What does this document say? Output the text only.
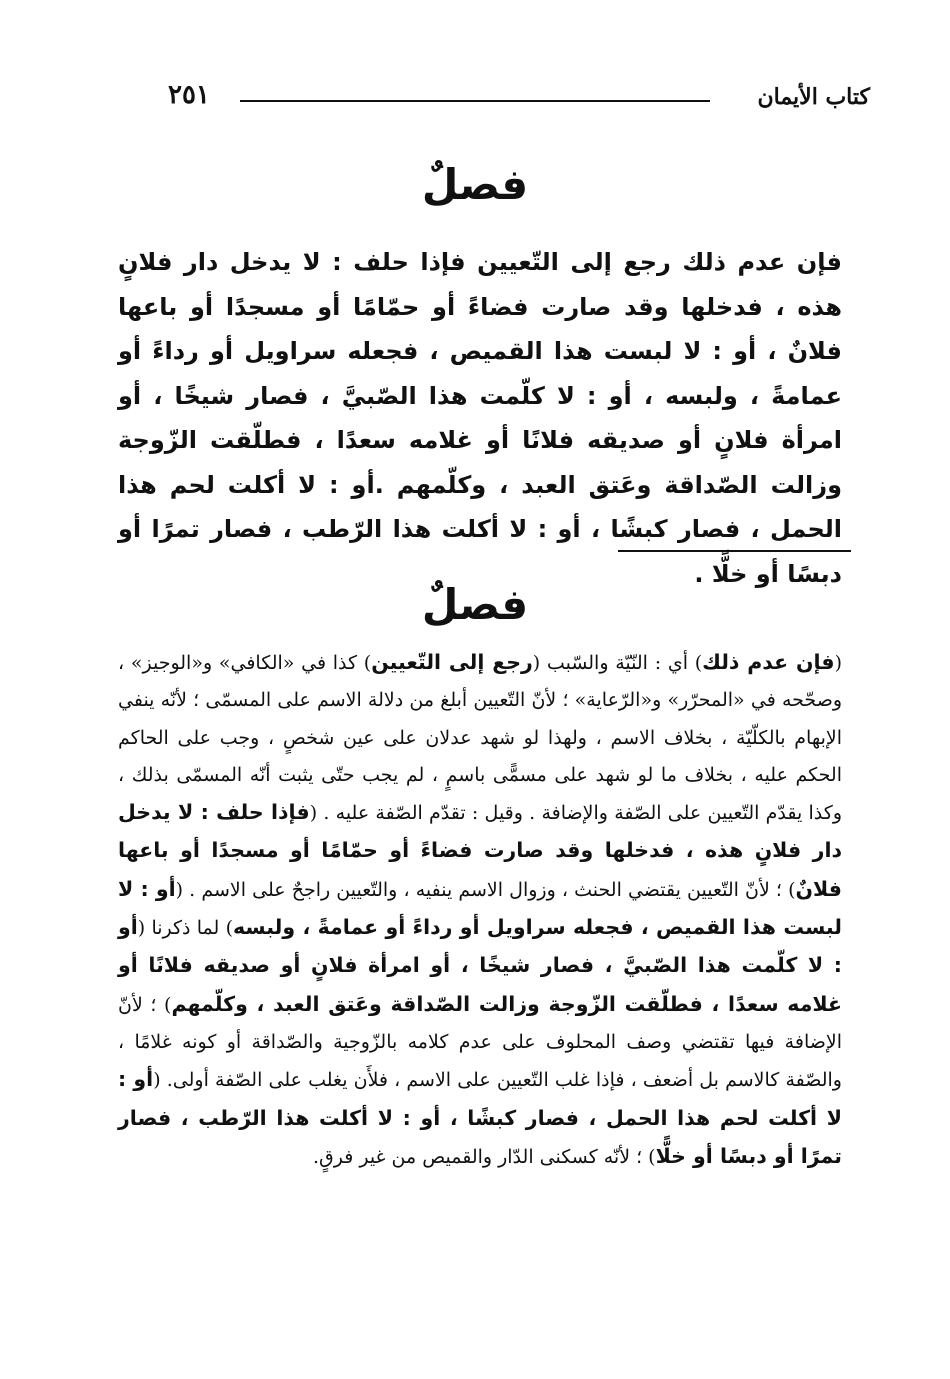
كتاب الأيمان
٢٥١
فصلٌ
فإن عدم ذلك رجع إلى التّعيين فإذا حلف : لا يدخل دار فلانٍ هذه ، فدخلها وقد صارت فضاءً أو حمّامًا أو مسجدًا أو باعها فلانٌ ، أو : لا لبست هذا القميص ، فجعله سراويل أو رداءً أو عمامةً ، ولبسه ، أو : لا كلّمت هذا الصّبيَّ ، فصار شيخًا ، أو امرأة فلانٍ أو صديقه فلانًا أو غلامه سعدًا ، فطلّقت الزّوجة وزالت الصّداقة وعَتق العبد ، وكلّمهم .أو : لا أكلت لحم هذا الحمل ، فصار كبشًا ، أو : لا أكلت هذا الرّطب ، فصار تمرًا أو دبسًا أو خلًّا .
فصلٌ
(فإن عدم ذلك) أي : النّيّة والسّبب (رجع إلى التّعيين) كذا في «الكافي» و«الوجيز» ، وصحّحه في «المحرّر» و«الرّعاية» ؛ لأنّ التّعيين أبلغ من دلالة الاسم على المسمّى ؛ لأنّه ينفي الإبهام بالكلّيّة ، بخلاف الاسم ، ولهذا لو شهد عدلان على عين شخصٍ ، وجب على الحاكم الحكم عليه ، بخلاف ما لو شهد على مسمًّى باسمٍ ، لم يجب حتّى يثبت أنّه المسمّى بذلك ، وكذا يقدّم التّعيين على الصّفة والإضافة . وقيل : تقدّم الصّفة عليه . (فإذا حلف : لا يدخل دار فلانٍ هذه ، فدخلها وقد صارت فضاءً أو حمّامًا أو مسجدًا أو باعها فلانٌ) ؛ لأنّ التّعيين يقتضي الحنث ، وزوال الاسم ينفيه ، والتّعيين راجحٌ على الاسم . (أو : لا لبست هذا القميص ، فجعله سراويل أو رداءً أو عمامةً ، ولبسه) لما ذكرنا (أو : لا كلّمت هذا الصّبيَّ ، فصار شيخًا ، أو امرأة فلانٍ أو صديقه فلانًا أو غلامه سعدًا ، فطلّقت الزّوجة وزالت الصّداقة وعَتق العبد ، وكلّمهم) ؛ لأنّ الإضافة فيها تقتضي وصف المحلوف على عدم كلامه بالزّوجية والصّداقة أو كونه غلامًا ، والصّفة كالاسم بل أضعف ، فإذا غلب التّعيين على الاسم ، فلأَن يغلب على الصّفة أولى. (أو : لا أكلت لحم هذا الحمل ، فصار كبشًا ، أو : لا أكلت هذا الرّطب ، فصار تمرًا أو دبسًا أو خلًّا) ؛ لأنّه كسكنى الدّار والقميص من غير فرقٍ.
